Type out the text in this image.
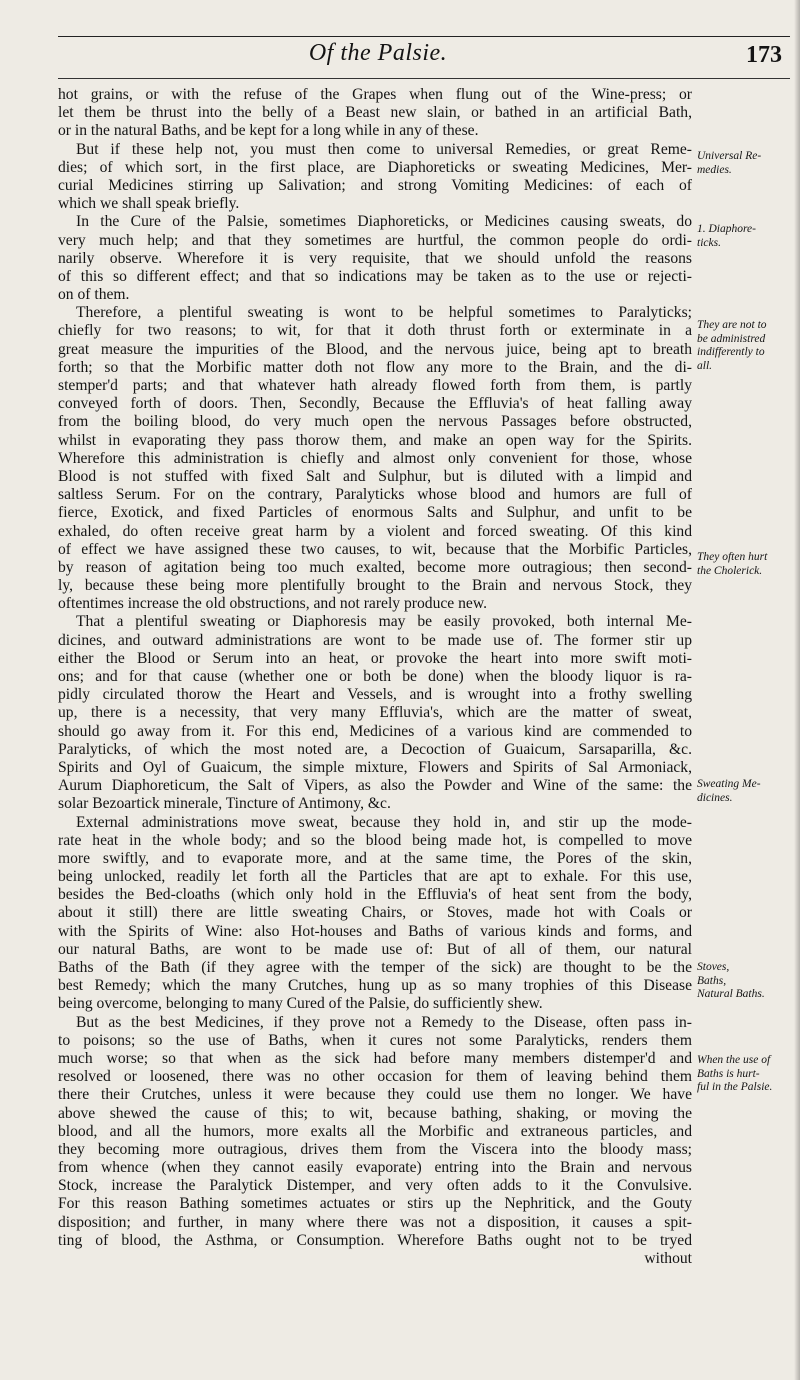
Of the Palsie.	173
hot grains, or with the refuse of the Grapes when flung out of the Wine-press; or
let them be thrust into the belly of a Beast new slain, or bathed in an artificial Bath,
or in the natural Baths, and be kept for a long while in any of these.
But if these help not, you must then come to universal Remedies, or great Reme-
dies; of which sort, in the first place, are Diaphoreticks or sweating Medicines, Mer-
curial Medicines stirring up Salivation; and strong Vomiting Medicines: of each of
which we shall speak briefly.
In the Cure of the Palsie, sometimes Diaphoreticks, or Medicines causing sweats, do
very much help; and that they sometimes are hurtful, the common people do ordi-
narily observe. Wherefore it is very requisite, that we should unfold the reasons
of this so different effect; and that so indications may be taken as to the use or rejecti-
on of them.
Therefore, a plentiful sweating is wont to be helpful sometimes to Paralyticks;
chiefly for two reasons; to wit, for that it doth thrust forth or exterminate in a
great measure the impurities of the Blood, and the nervous juice, being apt to breath
forth; so that the Morbific matter doth not flow any more to the Brain, and the di-
stemper'd parts; and that whatever hath already flowed forth from them, is partly
conveyed forth of doors. Then, Secondly, Because the Effluvia's of heat falling away
from the boiling blood, do very much open the nervous Passages before obstructed,
whilst in evaporating they pass thorow them, and make an open way for the Spirits.
Wherefore this administration is chiefly and almost only convenient for those, whose
Blood is not stuffed with fixed Salt and Sulphur, but is diluted with a limpid and
saltless Serum. For on the contrary, Paralyticks whose blood and humors are full of
fierce, Exotick, and fixed Particles of enormous Salts and Sulphur, and unfit to be
exhaled, do often receive great harm by a violent and forced sweating. Of this kind
of effect we have assigned these two causes, to wit, because that the Morbific Particles,
by reason of agitation being too much exalted, become more outragious; then second-
ly, because these being more plentifully brought to the Brain and nervous Stock, they
oftentimes increase the old obstructions, and not rarely produce new.
That a plentiful sweating or Diaphoresis may be easily provoked, both internal Me-
dicines, and outward administrations are wont to be made use of. The former stir up
either the Blood or Serum into an heat, or provoke the heart into more swift moti-
ons; and for that cause (whether one or both be done) when the bloody liquor is ra-
pidly circulated thorow the Heart and Vessels, and is wrought into a frothy swelling
up, there is a necessity, that very many Effluvia's, which are the matter of sweat,
should go away from it. For this end, Medicines of a various kind are commended to
Paralyticks, of which the most noted are, a Decoction of Guaicum, Sarsaparilla, &c.
Spirits and Oyl of Guaicum, the simple mixture, Flowers and Spirits of Sal Armoniack,
Aurum Diaphoreticum, the Salt of Vipers, as also the Powder and Wine of the same: the
solar Bezoartick minerale, Tincture of Antimony, &c.
External administrations move sweat, because they hold in, and stir up the mode-
rate heat in the whole body; and so the blood being made hot, is compelled to move
more swiftly, and to evaporate more, and at the same time, the Pores of the skin,
being unlocked, readily let forth all the Particles that are apt to exhale. For this use,
besides the Bed-cloaths (which only hold in the Effluvia's of heat sent from the body,
about it still) there are little sweating Chairs, or Stoves, made hot with Coals or
with the Spirits of Wine: also Hot-houses and Baths of various kinds and forms, and
our natural Baths, are wont to be made use of: But of all of them, our natural
Baths of the Bath (if they agree with the temper of the sick) are thought to be the
best Remedy; which the many Crutches, hung up as so many trophies of this Disease
being overcome, belonging to many Cured of the Palsie, do sufficiently shew.
But as the best Medicines, if they prove not a Remedy to the Disease, often pass in-
to poisons; so the use of Baths, when it cures not some Paralyticks, renders them
much worse; so that when as the sick had before many members distemper'd and
resolved or loosened, there was no other occasion for them of leaving behind them
there their Crutches, unless it were because they could use them no longer. We have
above shewed the cause of this; to wit, because bathing, shaking, or moving the
blood, and all the humors, more exalts all the Morbific and extraneous particles, and
they becoming more outragious, drives them from the Viscera into the bloody mass;
from whence (when they cannot easily evaporate) entring into the Brain and nervous
Stock, increase the Paralytick Distemper, and very often adds to it the Convulsive.
For this reason Bathing sometimes actuates or stirs up the Nephritick, and the Gouty
disposition; and further, in many where there was not a disposition, it causes a spit-
ting of blood, the Asthma, or Consumption. Wherefore Baths ought not to be tryed
without
Universal Re-
medies.
1. Diaphore-
ticks.
They are not to
be administred
indifferently to
all.
They often hurt
the Cholerick.
Sweating Me-
dicines.
Stoves,
Baths,
Natural Baths.
When the use of
Baths is hurt-
ful in the Palsie.
